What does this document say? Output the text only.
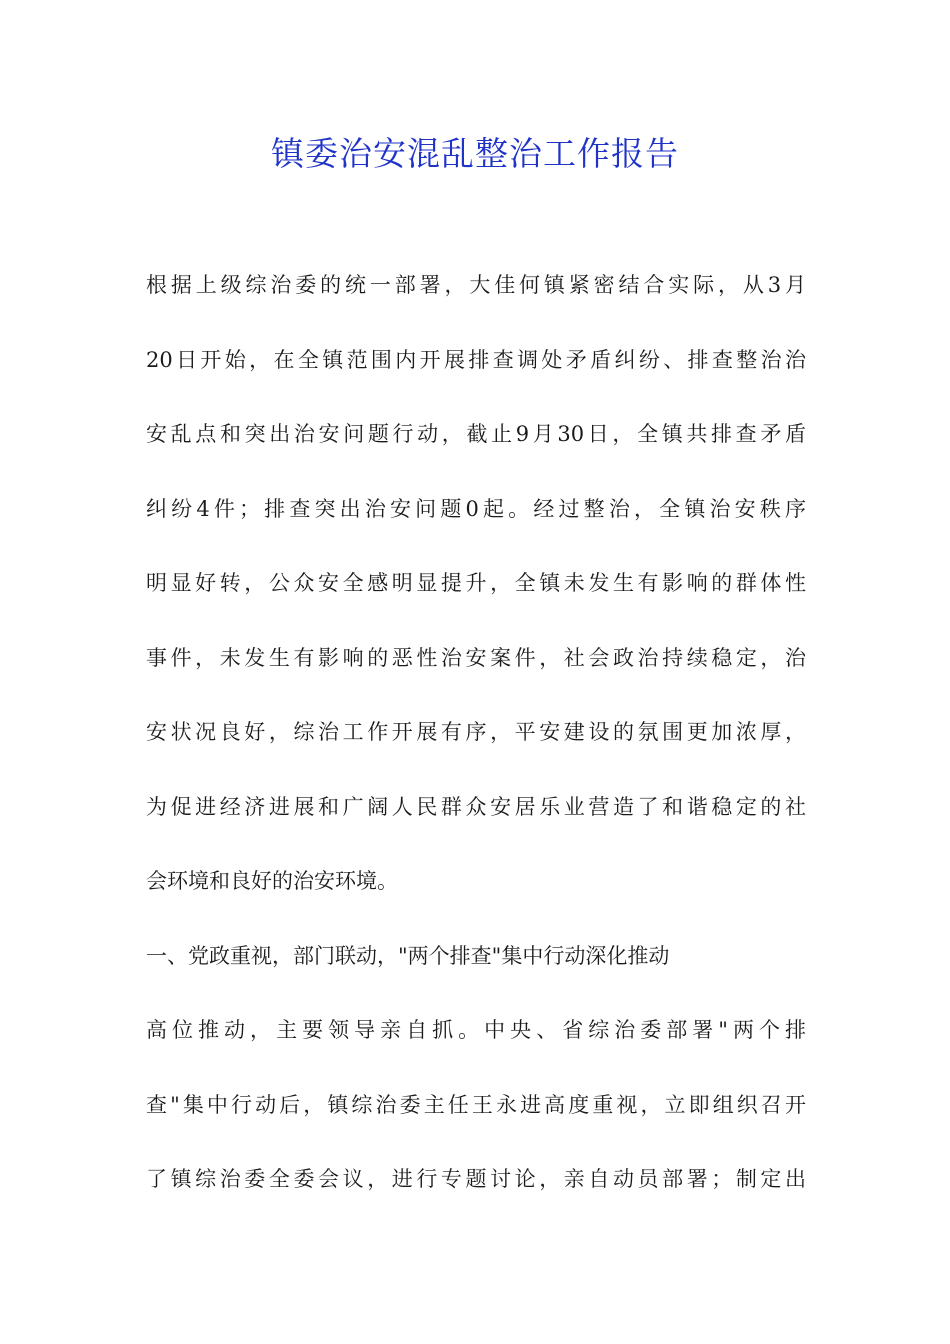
镇委治安混乱整治工作报告
根据上级综治委的统一部署，大佳何镇紧密结合实际，从3月
20日开始，在全镇范围内开展排查调处矛盾纠纷、排查整治治
安乱点和突出治安问题行动，截止9月30日，全镇共排查矛盾
纠纷4件；排查突出治安问题0起。经过整治，全镇治安秩序
明显好转，公众安全感明显提升，全镇未发生有影响的群体性
事件，未发生有影响的恶性治安案件，社会政治持续稳定，治
安状况良好，综治工作开展有序，平安建设的氛围更加浓厚，
为促进经济进展和广阔人民群众安居乐业营造了和谐稳定的社
会环境和良好的治安环境。
一、党政重视，部门联动，"两个排查"集中行动深化推动
高位推动，主要领导亲自抓。中央、省综治委部署"两个排
查"集中行动后，镇综治委主任王永进高度重视，立即组织召开
了镇综治委全委会议，进行专题讨论，亲自动员部署；制定出
